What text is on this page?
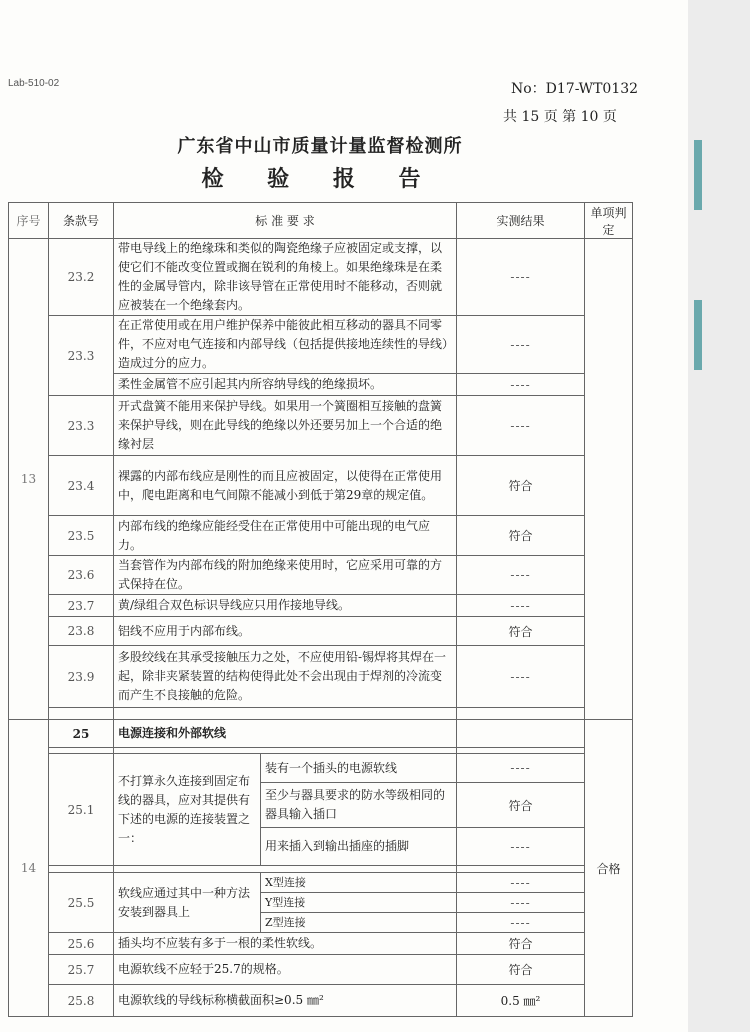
Lab-510-02	No：D17-WT0132
共 15 页 第 10 页
广东省中山市质量计量监督检测所
检 验 报 告
序号	条款号	标 准 要 求		实测结果	单项判定
13	23.2	带电导线上的绝缘珠和类似的陶瓷绝缘子应被固定或支撑，以使它们不能改变位置或搁在锐利的角棱上。如果绝缘珠是在柔性的金属导管内，除非该导管在正常使用时不能移动，否则就应被装在一个绝缘套内。		----	
	23.3	在正常使用或在用户维护保养中能彼此相互移动的器具不同零件，不应对电气连接和内部导线（包括提供接地连续性的导线）造成过分的应力。		----	
		柔性金属管不应引起其内所容纳导线的绝缘损坏。		----	
	23.3	开式盘簧不能用来保护导线。如果用一个簧圈相互接触的盘簧来保护导线，则在此导线的绝缘以外还要另加上一个合适的绝缘衬层		----	
	23.4	裸露的内部布线应是刚性的而且应被固定，以使得在正常使用中，爬电距离和电气间隙不能减小到低于第29章的规定值。		符合	
	23.5	内部布线的绝缘应能经受住在正常使用中可能出现的电气应力。		符合	
	23.6	当套管作为内部布线的附加绝缘来使用时，它应采用可靠的方式保持在位。		----	
	23.7	黄/绿组合双色标识导线应只用作接地导线。		----	
	23.8	铝线不应用于内部布线。		符合	
	23.9	多股绞线在其承受接触压力之处，不应使用铅-锡焊将其焊在一起，除非夹紧装置的结构使得此处不会出现由于焊剂的冷流变而产生不良接触的危险。		----	

14	25	电源连接和外部软线			合格

	25.1	不打算永久连接到固定布线的器具，应对其提供有下述的电源的连接装置之一：	装有一个插头的电源软线	----	
			至少与器具要求的防水等级相同的器具输入插口	符合	
			用来插入到输出插座的插脚	----	

	25.5	软线应通过其中一种方法安装到器具上	X型连接	----	
			Y型连接	----	
			Z型连接	----	
	25.6	插头均不应装有多于一根的柔性软线。		符合	
	25.7	电源软线不应轻于25.7的规格。		符合	
	25.8	电源软线的导线标称横截面积≥0.5 ㎜²		0.5 ㎜²	
